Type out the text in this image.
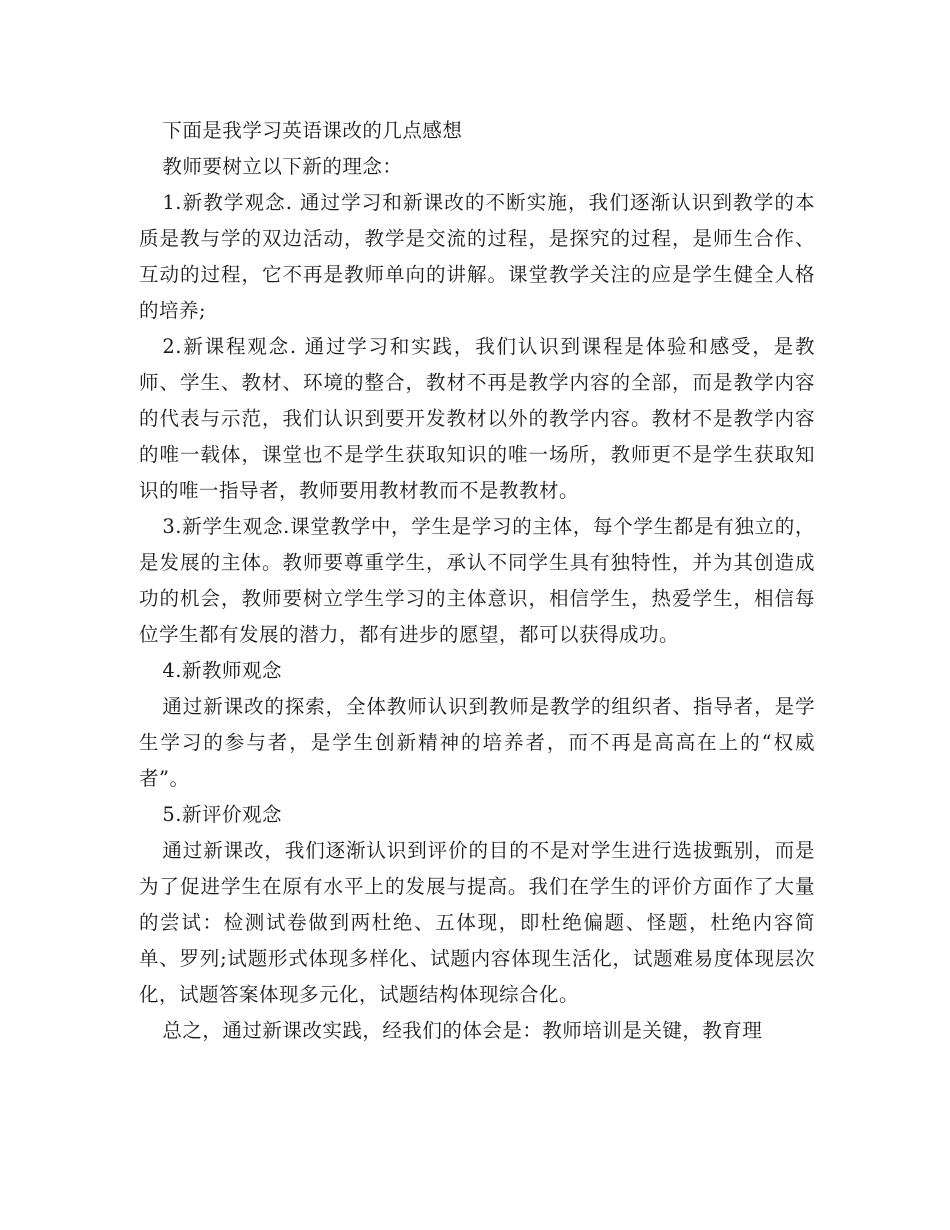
下面是我学习英语课改的几点感想

教师要树立以下新的理念：

1.新教学观念. 通过学习和新课改的不断实施，我们逐渐认识到教学的本质是教与学的双边活动，教学是交流的过程，是探究的过程，是师生合作、互动的过程，它不再是教师单向的讲解。课堂教学关注的应是学生健全人格的培养;

2.新课程观念. 通过学习和实践，我们认识到课程是体验和感受，是教师、学生、教材、环境的整合，教材不再是教学内容的全部，而是教学内容的代表与示范，我们认识到要开发教材以外的教学内容。教材不是教学内容的唯一载体，课堂也不是学生获取知识的唯一场所，教师更不是学生获取知识的唯一指导者，教师要用教材教而不是教教材。

3.新学生观念.课堂教学中，学生是学习的主体，每个学生都是有独立的，是发展的主体。教师要尊重学生，承认不同学生具有独特性，并为其创造成功的机会，教师要树立学生学习的主体意识，相信学生，热爱学生，相信每位学生都有发展的潜力，都有进步的愿望，都可以获得成功。

4.新教师观念

通过新课改的探索，全体教师认识到教师是教学的组织者、指导者，是学生学习的参与者，是学生创新精神的培养者，而不再是高高在上的“权威者”。

5.新评价观念

通过新课改，我们逐渐认识到评价的目的不是对学生进行选拔甄别，而是为了促进学生在原有水平上的发展与提高。我们在学生的评价方面作了大量的尝试：检测试卷做到两杜绝、五体现，即杜绝偏题、怪题，杜绝内容简单、罗列;试题形式体现多样化、试题内容体现生活化，试题难易度体现层次化，试题答案体现多元化，试题结构体现综合化。

总之，通过新课改实践，经我们的体会是：教师培训是关键，教育理
